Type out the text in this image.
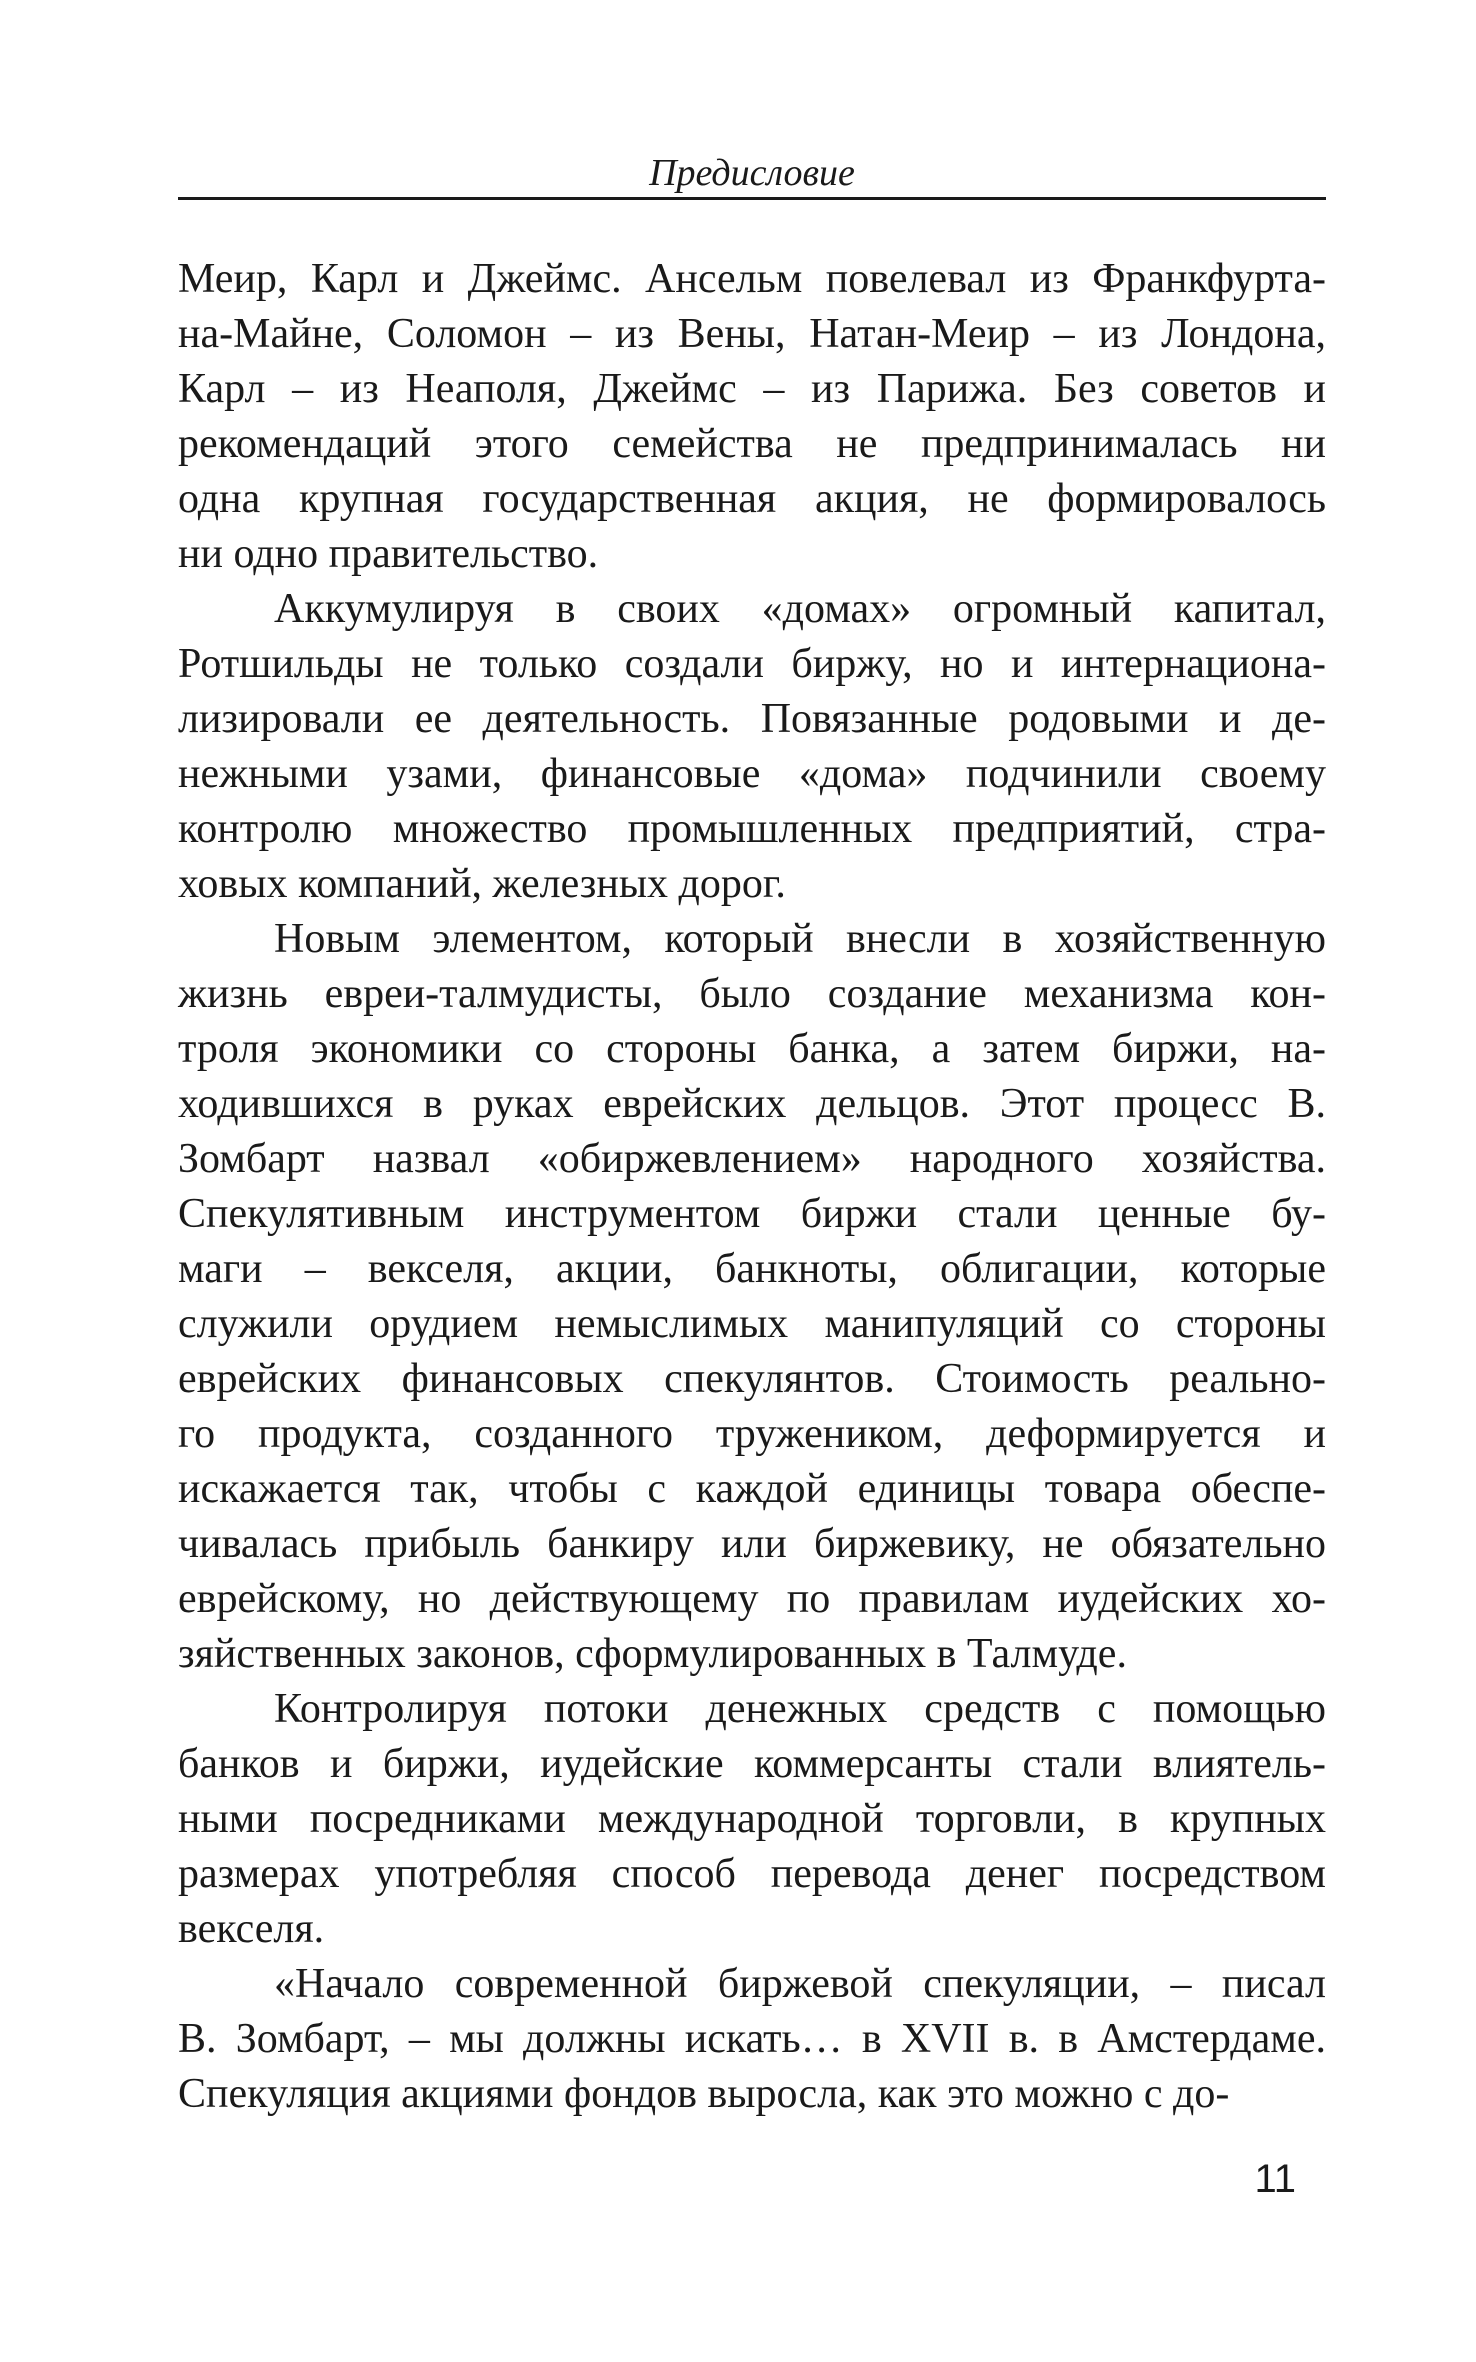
Предисловие

Меир, Карл и Джеймс. Ансельм повелевал из Франкфурта-
на-Майне, Соломон – из Вены, Натан-Меир – из Лондона,
Карл – из Неаполя, Джеймс – из Парижа. Без советов и
рекомендаций этого семейства не предпринималась ни
одна крупная государственная акция, не формировалось
ни одно правительство.

Аккумулируя в своих «домах» огромный капитал,
Ротшильды не только создали биржу, но и интернациона-
лизировали ее деятельность. Повязанные родовыми и де-
нежными узами, финансовые «дома» подчинили своему
контролю множество промышленных предприятий, стра-
ховых компаний, железных дорог.

Новым элементом, который внесли в хозяйственную
жизнь евреи-талмудисты, было создание механизма кон-
троля экономики со стороны банка, а затем биржи, на-
ходившихся в руках еврейских дельцов. Этот процесс В.
Зомбарт назвал «обиржевлением» народного хозяйства.
Спекулятивным инструментом биржи стали ценные бу-
маги – векселя, акции, банкноты, облигации, которые
служили орудием немыслимых манипуляций со стороны
еврейских финансовых спекулянтов. Стоимость реально-
го продукта, созданного тружеником, деформируется и
искажается так, чтобы с каждой единицы товара обеспе-
чивалась прибыль банкиру или биржевику, не обязательно
еврейскому, но действующему по правилам иудейских хо-
зяйственных законов, сформулированных в Талмуде.

Контролируя потоки денежных средств с помощью
банков и биржи, иудейские коммерсанты стали влиятель-
ными посредниками международной торговли, в крупных
размерах употребляя способ перевода денег посредством
векселя.

«Начало современной биржевой спекуляции, – писал
В. Зомбарт, – мы должны искать… в XVII в. в Амстердаме.
Спекуляция акциями фондов выросла, как это можно с до-

11
